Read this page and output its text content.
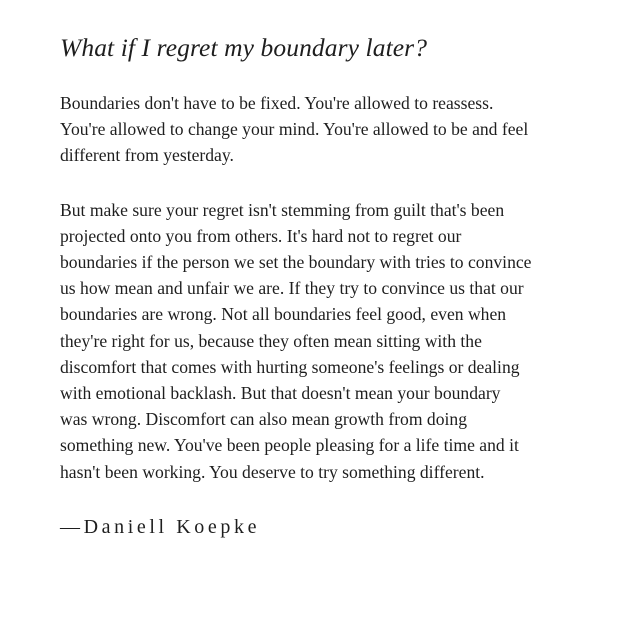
What if I regret my boundary later?
Boundaries don't have to be fixed. You're allowed to reassess.
You're allowed to change your mind. You're allowed to be and feel
different from yesterday.
But make sure your regret isn't stemming from guilt that's been
projected onto you from others. It's hard not to regret our
boundaries if the person we set the boundary with tries to convince
us how mean and unfair we are. If they try to convince us that our
boundaries are wrong. Not all boundaries feel good, even when
they're right for us, because they often mean sitting with the
discomfort that comes with hurting someone's feelings or dealing
with emotional backlash. But that doesn't mean your boundary
was wrong. Discomfort can also mean growth from doing
something new. You've been people pleasing for a life time and it
hasn't been working. You deserve to try something different.
—Daniell Koepke
